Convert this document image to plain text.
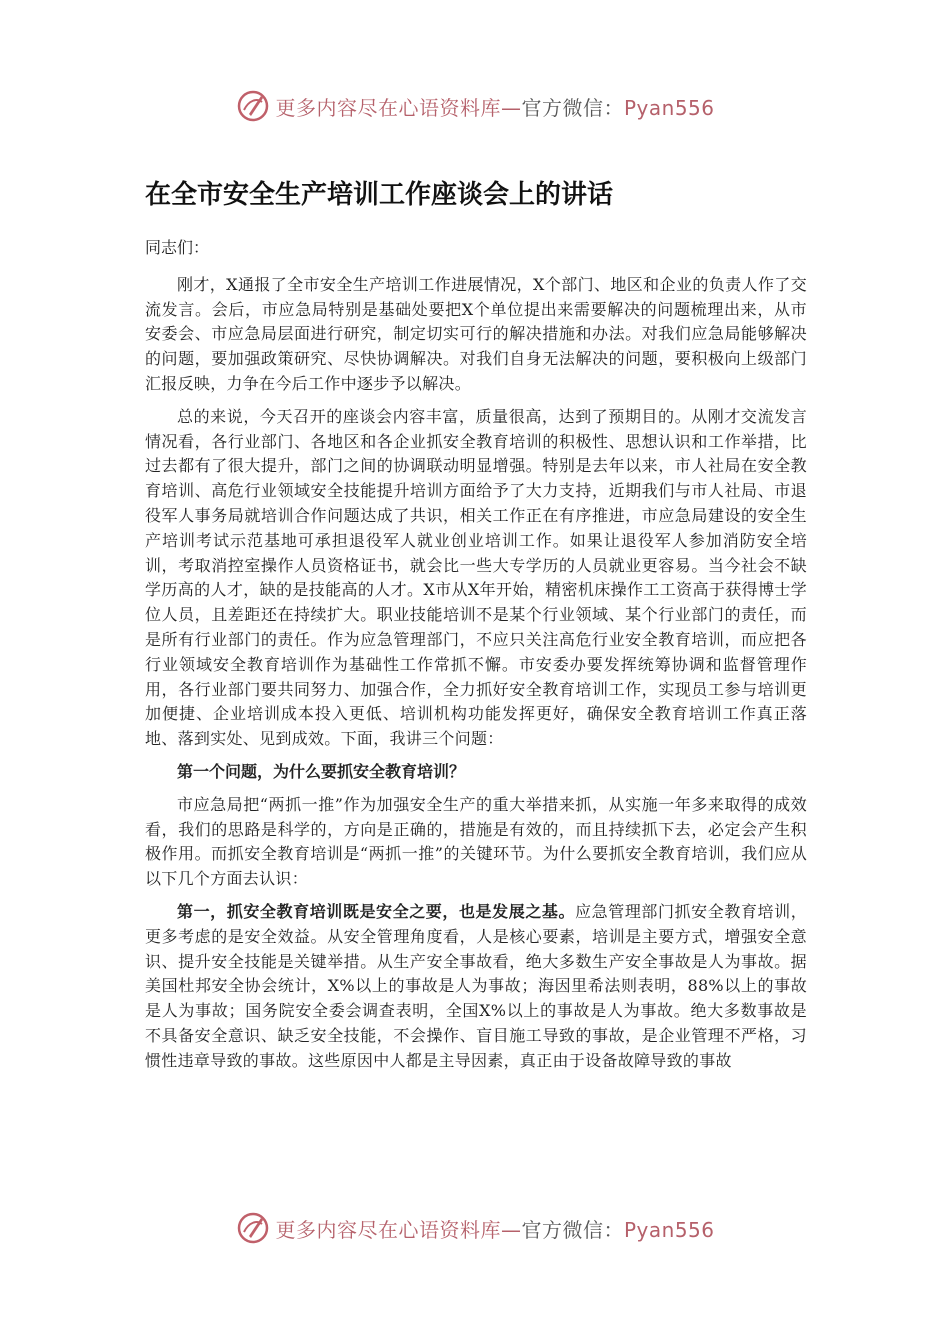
更多内容尽在心语资料库—官方微信：Pyan556
在全市安全生产培训工作座谈会上的讲话
同志们：

刚才，X通报了全市安全生产培训工作进展情况，X个部门、地区和企业的负责人作了交流发言。会后，市应急局特别是基础处要把X个单位提出来需要解决的问题梳理出来，从市安委会、市应急局层面进行研究，制定切实可行的解决措施和办法。对我们应急局能够解决的问题，要加强政策研究、尽快协调解决。对我们自身无法解决的问题，要积极向上级部门汇报反映，力争在今后工作中逐步予以解决。

总的来说，今天召开的座谈会内容丰富，质量很高，达到了预期目的。从刚才交流发言情况看，各行业部门、各地区和各企业抓安全教育培训的积极性、思想认识和工作举措，比过去都有了很大提升，部门之间的协调联动明显增强。特别是去年以来，市人社局在安全教育培训、高危行业领域安全技能提升培训方面给予了大力支持，近期我们与市人社局、市退役军人事务局就培训合作问题达成了共识，相关工作正在有序推进，市应急局建设的安全生产培训考试示范基地可承担退役军人就业创业培训工作。如果让退役军人参加消防安全培训，考取消控室操作人员资格证书，就会比一些大专学历的人员就业更容易。当今社会不缺学历高的人才，缺的是技能高的人才。X市从X年开始，精密机床操作工工资高于获得博士学位人员，且差距还在持续扩大。职业技能培训不是某个行业领域、某个行业部门的责任，而是所有行业部门的责任。作为应急管理部门，不应只关注高危行业安全教育培训，而应把各行业领域安全教育培训作为基础性工作常抓不懈。市安委办要发挥统筹协调和监督管理作用，各行业部门要共同努力、加强合作，全力抓好安全教育培训工作，实现员工参与培训更加便捷、企业培训成本投入更低、培训机构功能发挥更好，确保安全教育培训工作真正落地、落到实处、见到成效。下面，我讲三个问题：

第一个问题，为什么要抓安全教育培训？

市应急局把“两抓一推”作为加强安全生产的重大举措来抓，从实施一年多来取得的成效看，我们的思路是科学的，方向是正确的，措施是有效的，而且持续抓下去，必定会产生积极作用。而抓安全教育培训是“两抓一推”的关键环节。为什么要抓安全教育培训，我们应从以下几个方面去认识：

第一，抓安全教育培训既是安全之要，也是发展之基。应急管理部门抓安全教育培训，更多考虑的是安全效益。从安全管理角度看，人是核心要素，培训是主要方式，增强安全意识、提升安全技能是关键举措。从生产安全事故看，绝大多数生产安全事故是人为事故。据美国杜邦安全协会统计，X%以上的事故是人为事故；海因里希法则表明，88%以上的事故是人为事故；国务院安全委会调查表明，全国X%以上的事故是人为事故。绝大多数事故是不具备安全意识、缺乏安全技能，不会操作、盲目施工导致的事故，是企业管理不严格，习惯性违章导致的事故。这些原因中人都是主导因素，真正由于设备故障导致的事故

更多内容尽在心语资料库—官方微信：Pyan556
